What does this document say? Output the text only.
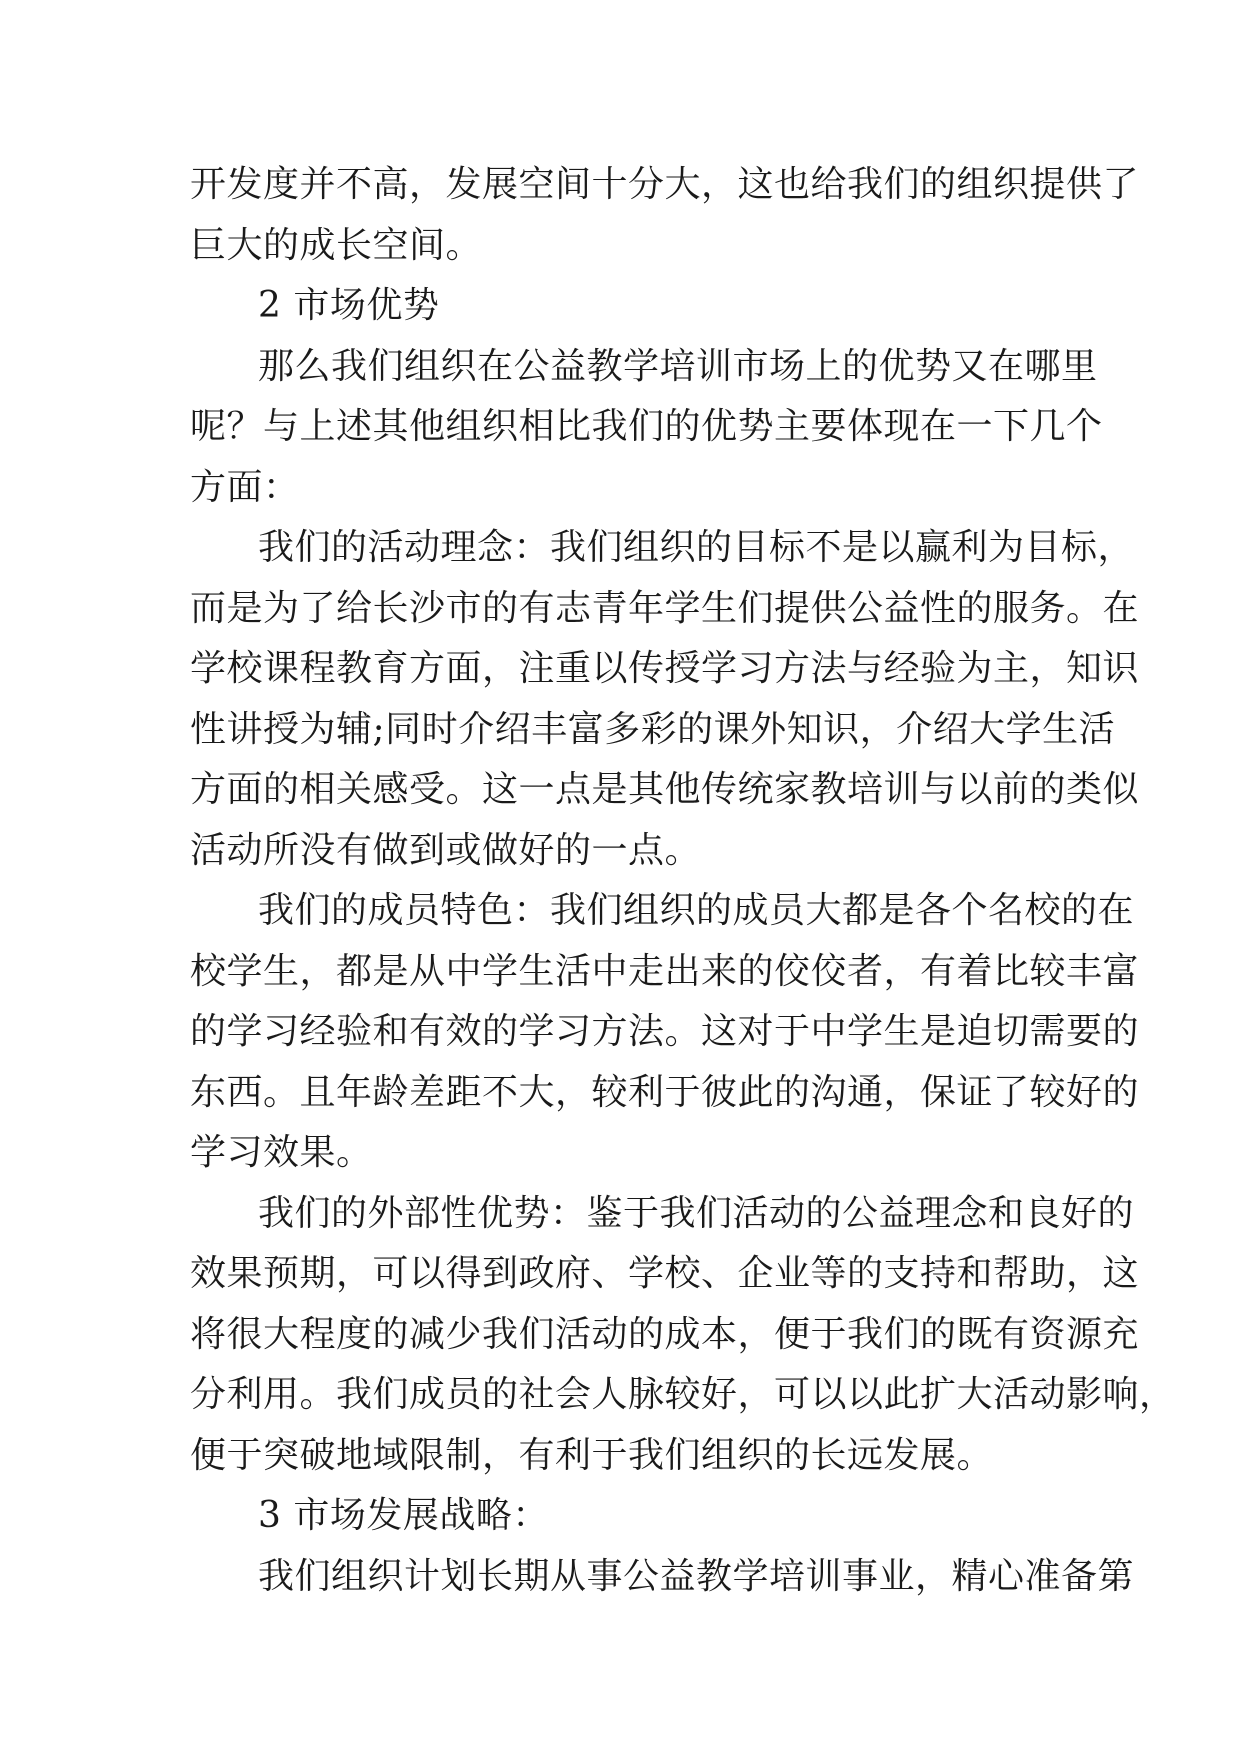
开发度并不高，发展空间十分大，这也给我们的组织提供了
巨大的成长空间。
2 市场优势
那么我们组织在公益教学培训市场上的优势又在哪里
呢？与上述其他组织相比我们的优势主要体现在一下几个
方面：
我们的活动理念：我们组织的目标不是以赢利为目标，
而是为了给长沙市的有志青年学生们提供公益性的服务。在
学校课程教育方面，注重以传授学习方法与经验为主，知识
性讲授为辅;同时介绍丰富多彩的课外知识，介绍大学生活
方面的相关感受。这一点是其他传统家教培训与以前的类似
活动所没有做到或做好的一点。
我们的成员特色：我们组织的成员大都是各个名校的在
校学生，都是从中学生活中走出来的佼佼者，有着比较丰富
的学习经验和有效的学习方法。这对于中学生是迫切需要的
东西。且年龄差距不大，较利于彼此的沟通，保证了较好的
学习效果。
我们的外部性优势：鉴于我们活动的公益理念和良好的
效果预期，可以得到政府、学校、企业等的支持和帮助，这
将很大程度的减少我们活动的成本，便于我们的既有资源充
分利用。我们成员的社会人脉较好，可以以此扩大活动影响，
便于突破地域限制，有利于我们组织的长远发展。
3 市场发展战略：
我们组织计划长期从事公益教学培训事业，精心准备第
